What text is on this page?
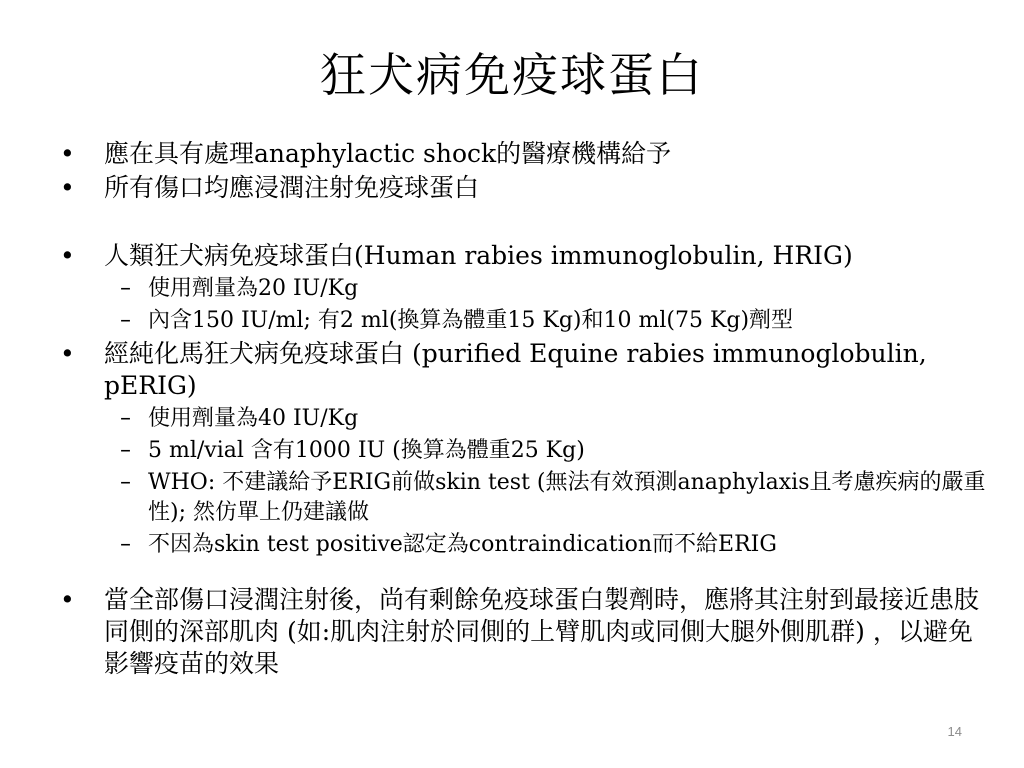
狂犬病免疫球蛋白
•	應在具有處理anaphylactic shock的醫療機構給予
•	所有傷口均應浸潤注射免疫球蛋白
•	人類狂犬病免疫球蛋白(Human rabies immunoglobulin, HRIG)
– 使用劑量為20 IU/Kg
– 內含150 IU/ml; 有2 ml(換算為體重15 Kg)和10 ml(75 Kg)劑型
•	經純化馬狂犬病免疫球蛋白 (purified Equine rabies immunoglobulin, pERIG)
– 使用劑量為40 IU/Kg
– 5 ml/vial 含有1000 IU (換算為體重25 Kg)
– WHO: 不建議給予ERIG前做skin test (無法有效預測anaphylaxis且考慮疾病的嚴重性); 然仿單上仍建議做
– 不因為skin test positive認定為contraindication而不給ERIG
•	當全部傷口浸潤注射後，尚有剩餘免疫球蛋白製劑時，應將其注射到最接近患肢同側的深部肌肉 (如:肌肉注射於同側的上臂肌肉或同側大腿外側肌群) ，以避免影響疫苗的效果
14
